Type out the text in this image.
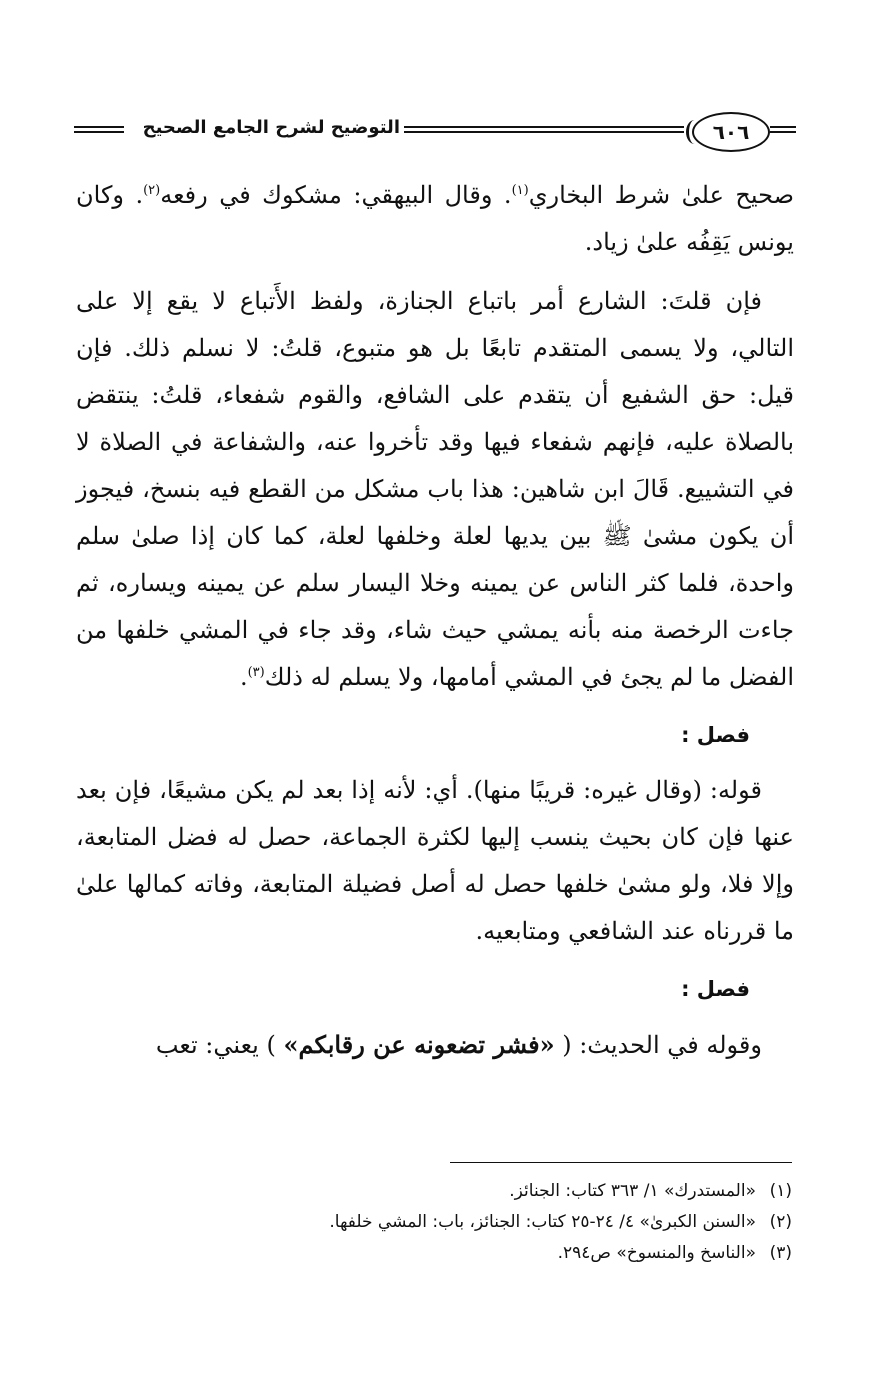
٦٠٦
التوضيح لشرح الجامع الصحيح

صحيح علىٰ شرط البخاري$^{(١)}$. وقال البيهقي: مشكوك في رفعه$^{(٢)}$. وكان يونس يَقِفُه علىٰ زياد.

فإن قلتَ: الشارع أمر باتباع الجنازة، ولفظ الأَتباع لا يقع إلا على التالي، ولا يسمى المتقدم تابعًا بل هو متبوع، قلتُ: لا نسلم ذلك. فإن قيل: حق الشفيع أن يتقدم على الشافع، والقوم شفعاء، قلتُ: ينتقض بالصلاة عليه، فإنهم شفعاء فيها وقد تأخروا عنه، والشفاعة في الصلاة لا في التشييع. قَالَ ابن شاهين: هذا باب مشكل من القطع فيه بنسخ، فيجوز أن يكون مشىٰ ﷺ بين يديها لعلة وخلفها لعلة، كما كان إذا صلىٰ سلم واحدة، فلما كثر الناس عن يمينه وخلا اليسار سلم عن يمينه ويساره، ثم جاءت الرخصة منه بأنه يمشي حيث شاء، وقد جاء في المشي خلفها من الفضل ما لم يجئ في المشي أمامها، ولا يسلم له ذلك$^{(٣)}$.

فصل :

قوله: (وقال غيره: قريبًا منها). أي: لأنه إذا بعد لم يكن مشيعًا، فإن بعد عنها فإن كان بحيث ينسب إليها لكثرة الجماعة، حصل له فضل المتابعة، وإلا فلا، ولو مشىٰ خلفها حصل له أصل فضيلة المتابعة، وفاته كمالها علىٰ ما قررناه عند الشافعي ومتابعيه.

فصل :

وقوله في الحديث: ( «فشر تضعونه عن رقابكم» ) يعني: تعب

(١)
«المستدرك» ١/ ٣٦٣ كتاب: الجنائز.
(٢)
«السنن الكبرىٰ» ٤/ ٢٤-٢٥ كتاب: الجنائز، باب: المشي خلفها.
(٣)
«الناسخ والمنسوخ» ص٢٩٤.
